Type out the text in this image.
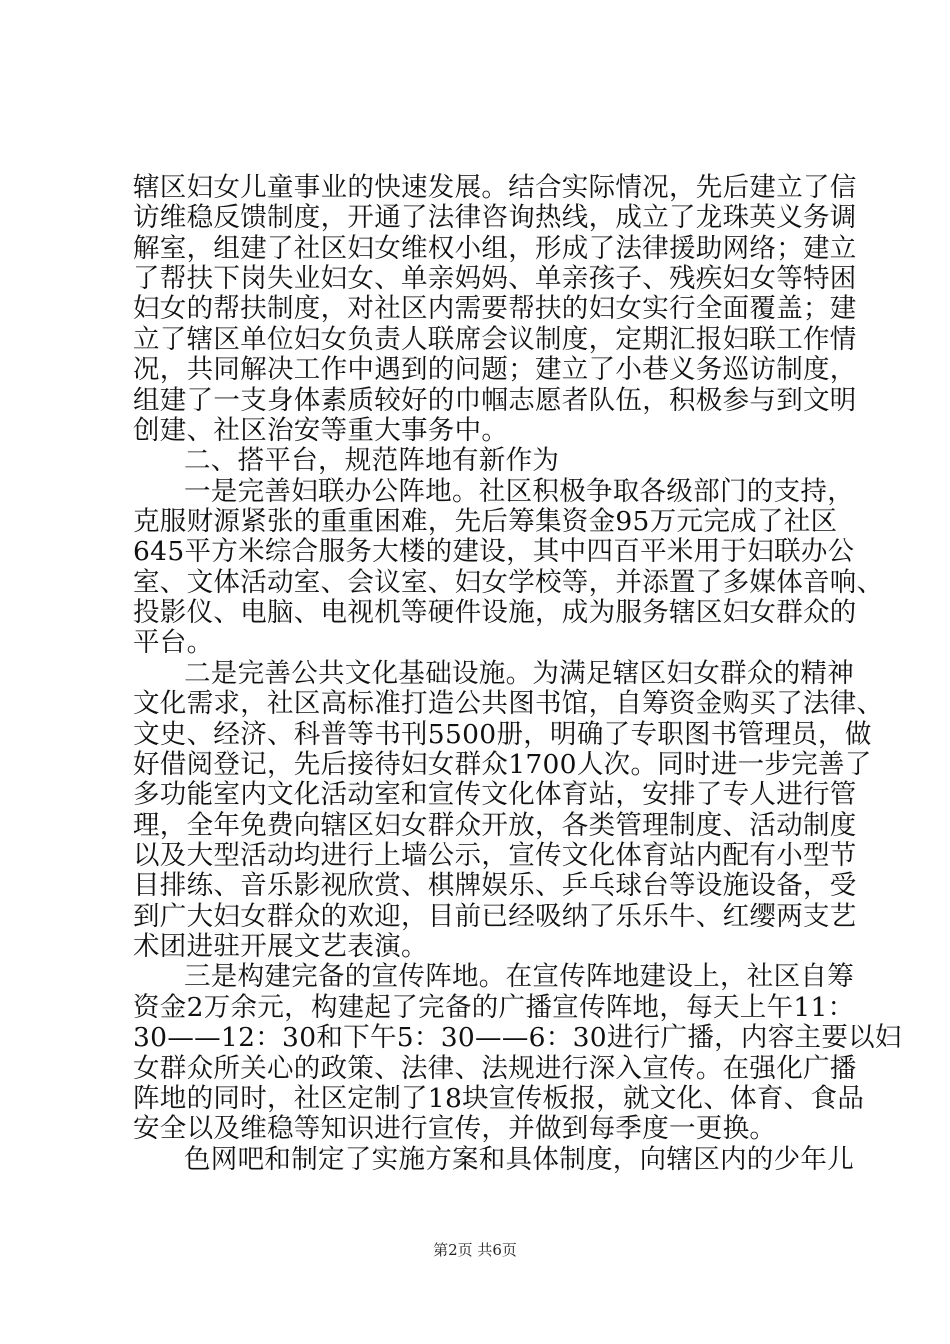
辖区妇女儿童事业的快速发展。结合实际情况，先后建立了信
访维稳反馈制度，开通了法律咨询热线，成立了龙珠英义务调
解室，组建了社区妇女维权小组，形成了法律援助网络；建立
了帮扶下岗失业妇女、单亲妈妈、单亲孩子、残疾妇女等特困
妇女的帮扶制度，对社区内需要帮扶的妇女实行全面覆盖；建
立了辖区单位妇女负责人联席会议制度，定期汇报妇联工作情
况，共同解决工作中遇到的问题；建立了小巷义务巡访制度，
组建了一支身体素质较好的巾帼志愿者队伍，积极参与到文明
创建、社区治安等重大事务中。
二、搭平台，规范阵地有新作为
一是完善妇联办公阵地。社区积极争取各级部门的支持，
克服财源紧张的重重困难，先后筹集资金95万元完成了社区
645平方米综合服务大楼的建设，其中四百平米用于妇联办公
室、文体活动室、会议室、妇女学校等，并添置了多媒体音响、
投影仪、电脑、电视机等硬件设施，成为服务辖区妇女群众的
平台。
二是完善公共文化基础设施。为满足辖区妇女群众的精神
文化需求，社区高标准打造公共图书馆，自筹资金购买了法律、
文史、经济、科普等书刊5500册，明确了专职图书管理员，做
好借阅登记，先后接待妇女群众1700人次。同时进一步完善了
多功能室内文化活动室和宣传文化体育站，安排了专人进行管
理，全年免费向辖区妇女群众开放，各类管理制度、活动制度
以及大型活动均进行上墙公示，宣传文化体育站内配有小型节
目排练、音乐影视欣赏、棋牌娱乐、乒乓球台等设施设备，受
到广大妇女群众的欢迎，目前已经吸纳了乐乐牛、红缨两支艺
术团进驻开展文艺表演。
三是构建完备的宣传阵地。在宣传阵地建设上，社区自筹
资金2万余元，构建起了完备的广播宣传阵地，每天上午11：
30——12：30和下午5：30——6：30进行广播，内容主要以妇
女群众所关心的政策、法律、法规进行深入宣传。在强化广播
阵地的同时，社区定制了18块宣传板报，就文化、体育、食品
安全以及维稳等知识进行宣传，并做到每季度一更换。
色网吧和制定了实施方案和具体制度，向辖区内的少年儿
第2页 共6页
